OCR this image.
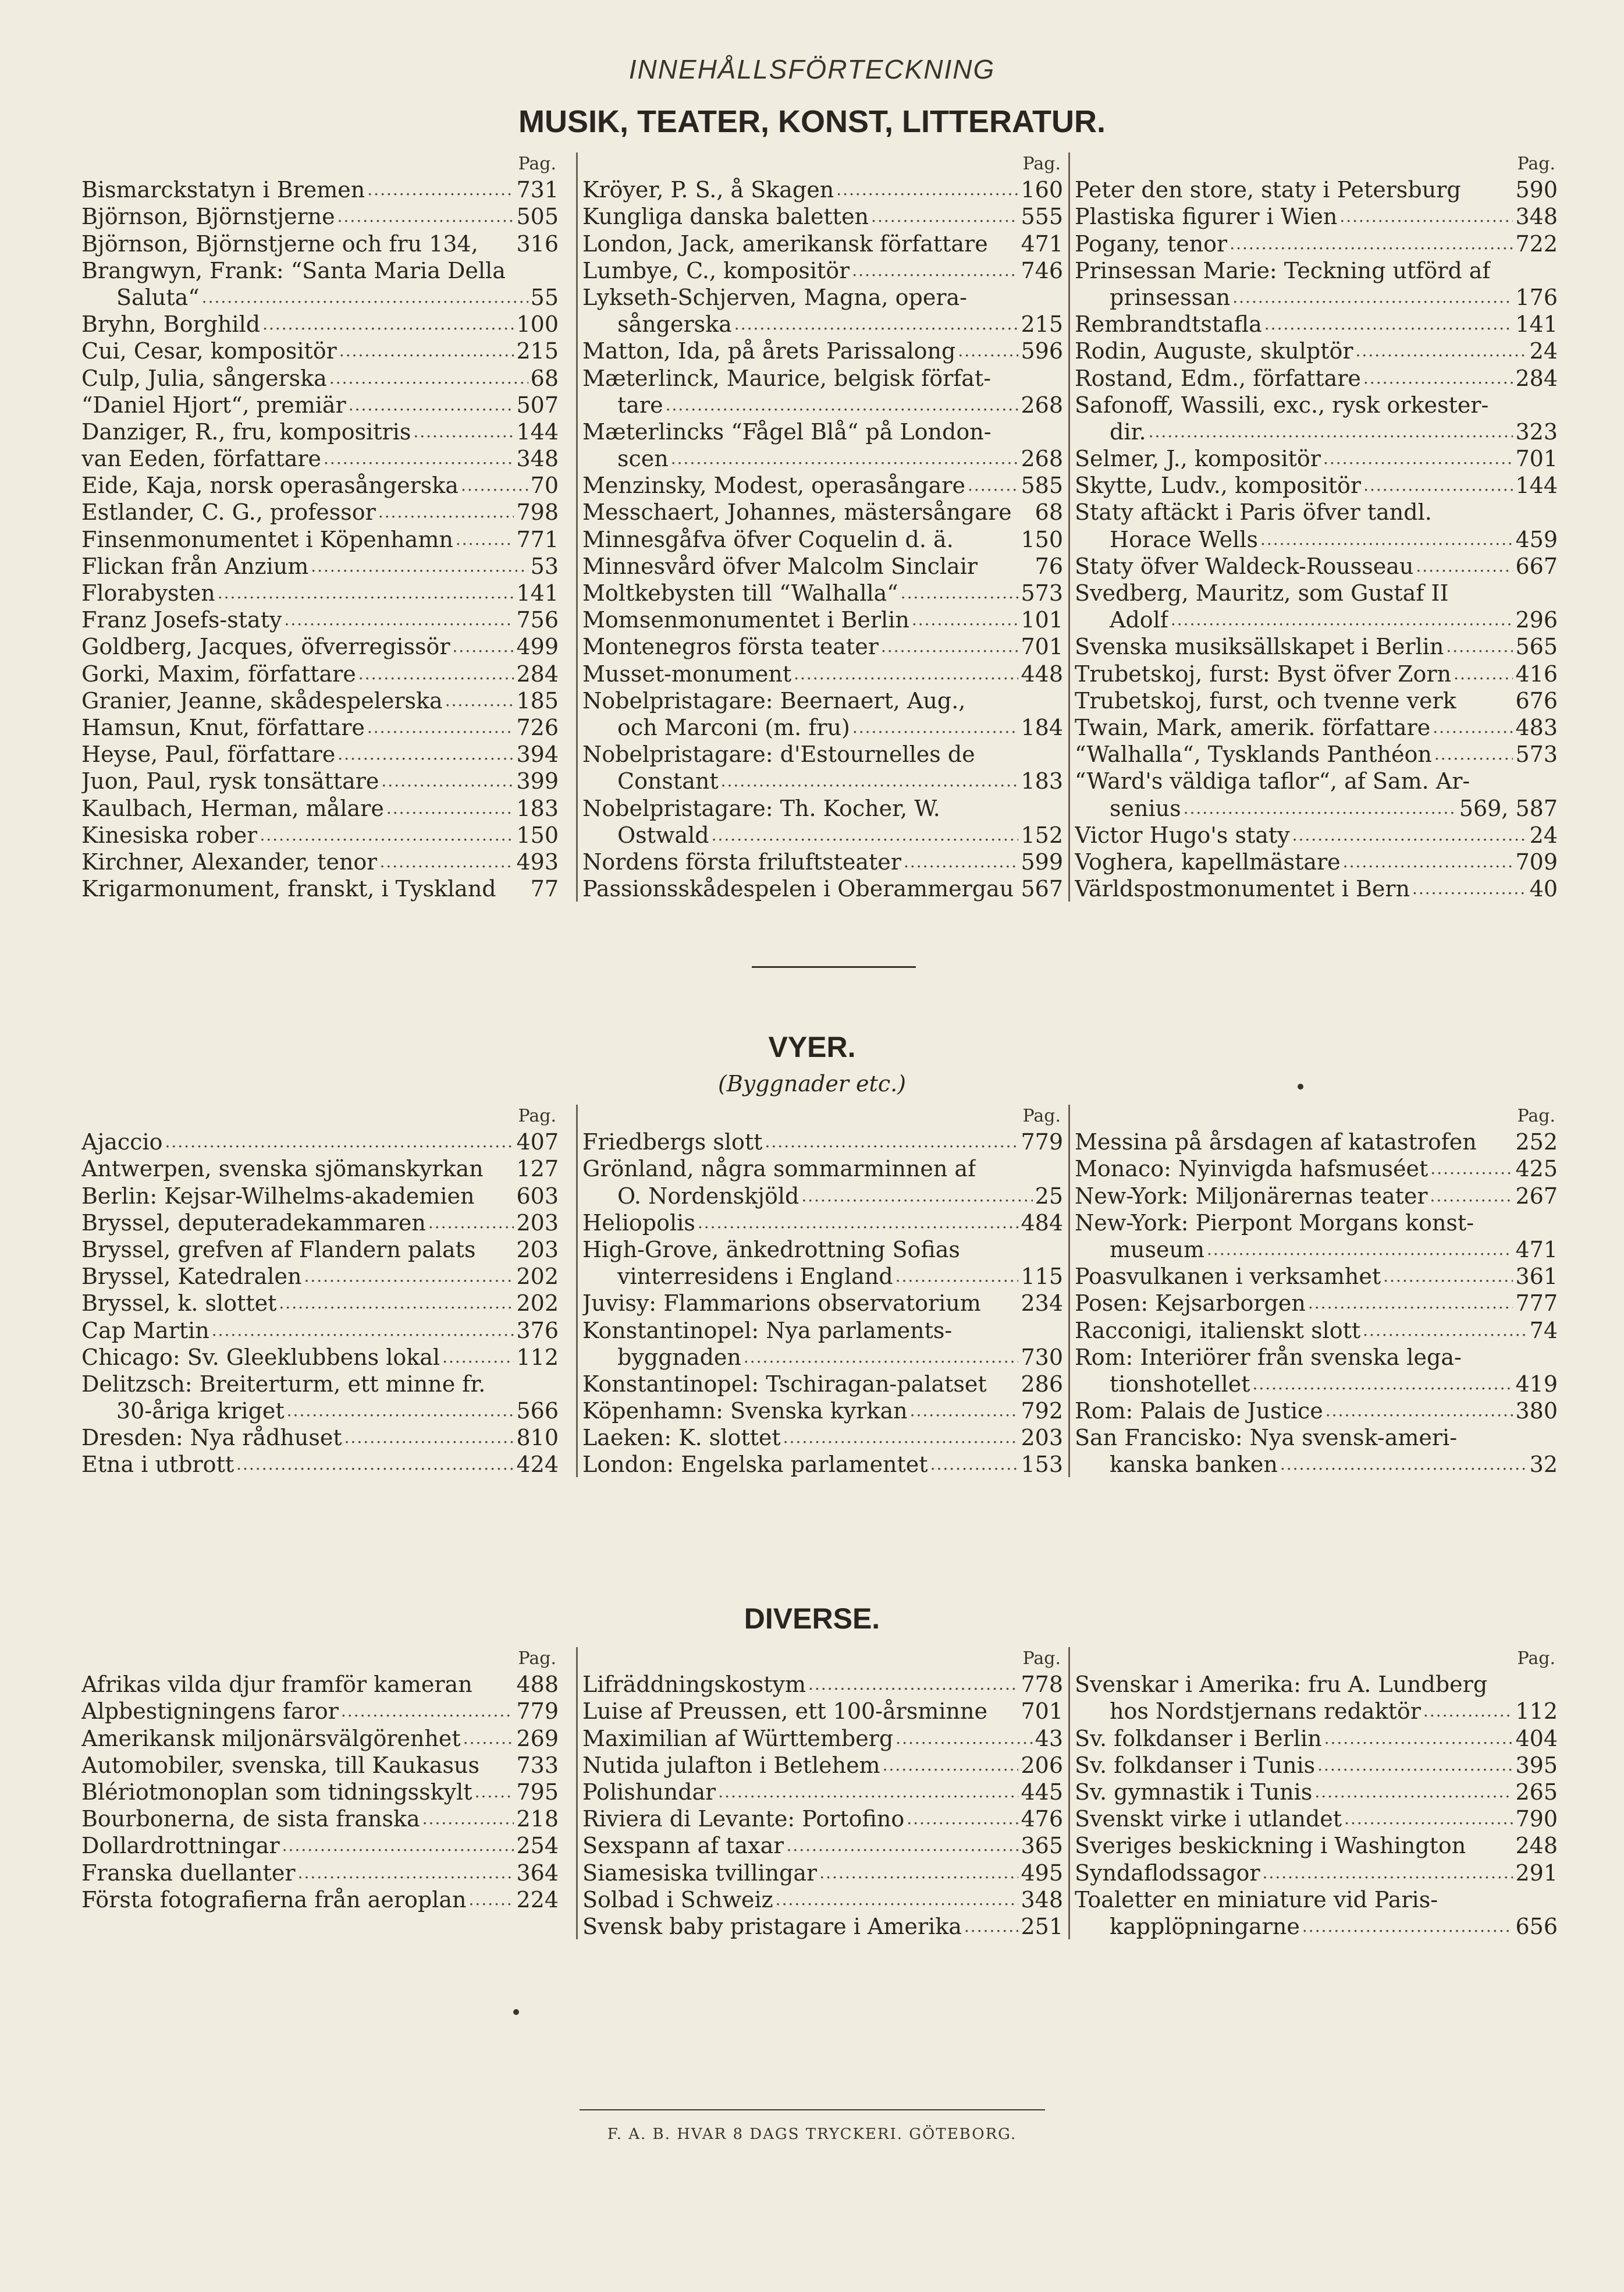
INNEHÅLLSFÖRTECKNING
MUSIK, TEATER, KONST, LITTERATUR.
Pag.
Bismarckstatyn i Bremen .....	731
Björnson, Björnstjerne .....	505
Björnson, Björnstjerne och fru 134, 316
Brangwyn, Frank: “Santa Maria Della
Saluta“ .....	55
Bryhn, Borghild .....	100
Cui, Cesar, kompositör .....	215
Culp, Julia, sångerska .....	68
“Daniel Hjort“, premiär .....	507
Danziger, R., fru, kompositris .....	144
van Eeden, författare .....	348
Eide, Kaja, norsk operasångerska .....	70
Estlander, C. G., professor .....	798
Finsenmonumentet i Köpenhamn .....	771
Flickan från Anzium .....	53
Florabysten .....	141
Franz Josefs-staty .....	756
Goldberg, Jacques, öfverregissör .....	499
Gorki, Maxim, författare .....	284
Granier, Jeanne, skådespelerska .....	185
Hamsun, Knut, författare .....	726
Heyse, Paul, författare .....	394
Juon, Paul, rysk tonsättare .....	399
Kaulbach, Herman, målare .....	183
Kinesiska rober .....	150
Kirchner, Alexander, tenor .....	493
Krigarmonument, franskt, i Tyskland 77
Pag.
Kröyer, P. S., å Skagen .....	160
Kungliga danska baletten .....	555
London, Jack, amerikansk författare 471
Lumbye, C., kompositör .....	746
Lykseth-Schjerven, Magna, opera-
sångerska .....	215
Matton, Ida, på årets Parissalong .....	596
Mæterlinck, Maurice, belgisk förfat-
tare .....	268
Mæterlincks “Fågel Blå“ på London-
scen .....	268
Menzinsky, Modest, operasångare .....	585
Messchaert, Johannes, mästersångare 68
Minnesgåfva öfver Coquelin d. ä.	150
Minnesvård öfver Malcolm Sinclair	76
Moltkebysten till “Walhalla“ .....	573
Momsenmonumentet i Berlin .....	101
Montenegros första teater .....	701
Musset-monument .....	448
Nobelpristagare: Beernaert, Aug.,
och Marconi (m. fru) .....	184
Nobelpristagare: d'Estournelles de
Constant .....	183
Nobelpristagare: Th. Kocher, W.
Ostwald .....	152
Nordens första friluftsteater .....	599
Passionsskådespelen i Oberammergau 567
Pag.
Peter den store, staty i Petersburg 590
Plastiska figurer i Wien .....	348
Pogany, tenor .....	722
Prinsessan Marie: Teckning utförd af
prinsessan .....	176
Rembrandtstafla .....	141
Rodin, Auguste, skulptör .....	24
Rostand, Edm., författare .....	284
Safonoff, Wassili, exc., rysk orkester-
dir. .....	323
Selmer, J., kompositör .....	701
Skytte, Ludv., kompositör .....	144
Staty aftäckt i Paris öfver tandl.
Horace Wells .....	459
Staty öfver Waldeck-Rousseau .....	667
Svedberg, Mauritz, som Gustaf II
Adolf .....	296
Svenska musiksällskapet i Berlin .....	565
Trubetskoj, furst: Byst öfver Zorn .....	416
Trubetskoj, furst, och tvenne verk	676
Twain, Mark, amerik. författare .....	483
“Walhalla“, Tysklands Panthéon .....	573
“Ward's väldiga taflor“, af Sam. Ar-
senius .....	569, 587
Victor Hugo's staty .....	24
Voghera, kapellmästare .....	709
Världspostmonumentet i Bern .....	40
VYER.
(Byggnader etc.)
Pag.
Ajaccio .....	407
Antwerpen, svenska sjömanskyrkan 127
Berlin: Kejsar-Wilhelms-akademien 603
Bryssel, deputeradekammaren .....	203
Bryssel, grefven af Flandern palats 203
Bryssel, Katedralen .....	202
Bryssel, k. slottet .....	202
Cap Martin .....	376
Chicago: Sv. Gleeklubbens lokal .....	112
Delitzsch: Breiterturm, ett minne fr.
30-åriga kriget .....	566
Dresden: Nya rådhuset .....	810
Etna i utbrott .....	424
Pag.
Friedbergs slott .....	779
Grönland, några sommarminnen af
O. Nordenskjöld .....	25
Heliopolis .....	484
High-Grove, änkedrottning Sofias
vinterresidens i England .....	115
Juvisy: Flammarions observatorium 234
Konstantinopel: Nya parlaments-
byggnaden .....	730
Konstantinopel: Tschiragan-palatset 286
Köpenhamn: Svenska kyrkan .....	792
Laeken: K. slottet .....	203
London: Engelska parlamentet .....	153
Pag.
Messina på årsdagen af katastrofen 252
Monaco: Nyinvigda hafsmuséet .....	425
New-York: Miljonärernas teater .....	267
New-York: Pierpont Morgans konst-
museum .....	471
Poasvulkanen i verksamhet .....	361
Posen: Kejsarborgen .....	777
Racconigi, italienskt slott .....	74
Rom: Interiörer från svenska lega-
tionshotellet .....	419
Rom: Palais de Justice .....	380
San Francisko: Nya svensk-ameri-
kanska banken .....	32
DIVERSE.
Pag.
Afrikas vilda djur framför kameran 488
Alpbestigningens faror .....	779
Amerikansk miljonärsvälgörenhet .....	269
Automobiler, svenska, till Kaukasus 733
Blériotmonoplan som tidningsskylt ..... 795
Bourbonerna, de sista franska .....	218
Dollardrottningar .....	254
Franska duellanter .....	364
Första fotografierna från aeroplan ..... 224
Pag.
Lifräddningskostym .....	778
Luise af Preussen, ett 100-årsminne 701
Maximilian af Württemberg .....	43
Nutida julafton i Betlehem .....	206
Polishundar .....	445
Riviera di Levante: Portofino .....	476
Sexspann af taxar .....	365
Siamesiska tvillingar .....	495
Solbad i Schweiz .....	348
Svensk baby pristagare i Amerika .....	251
Pag.
Svenskar i Amerika: fru A. Lundberg
hos Nordstjernans redaktör .....	112
Sv. folkdanser i Berlin .....	404
Sv. folkdanser i Tunis .....	395
Sv. gymnastik i Tunis .....	265
Svenskt virke i utlandet .....	790
Sveriges beskickning i Washington 248
Syndaflodssagor .....	291
Toaletter en miniature vid Paris-
kapplöpningarne .....	656
F. A. B. HVAR 8 DAGS TRYCKERI. GÖTEBORG.
